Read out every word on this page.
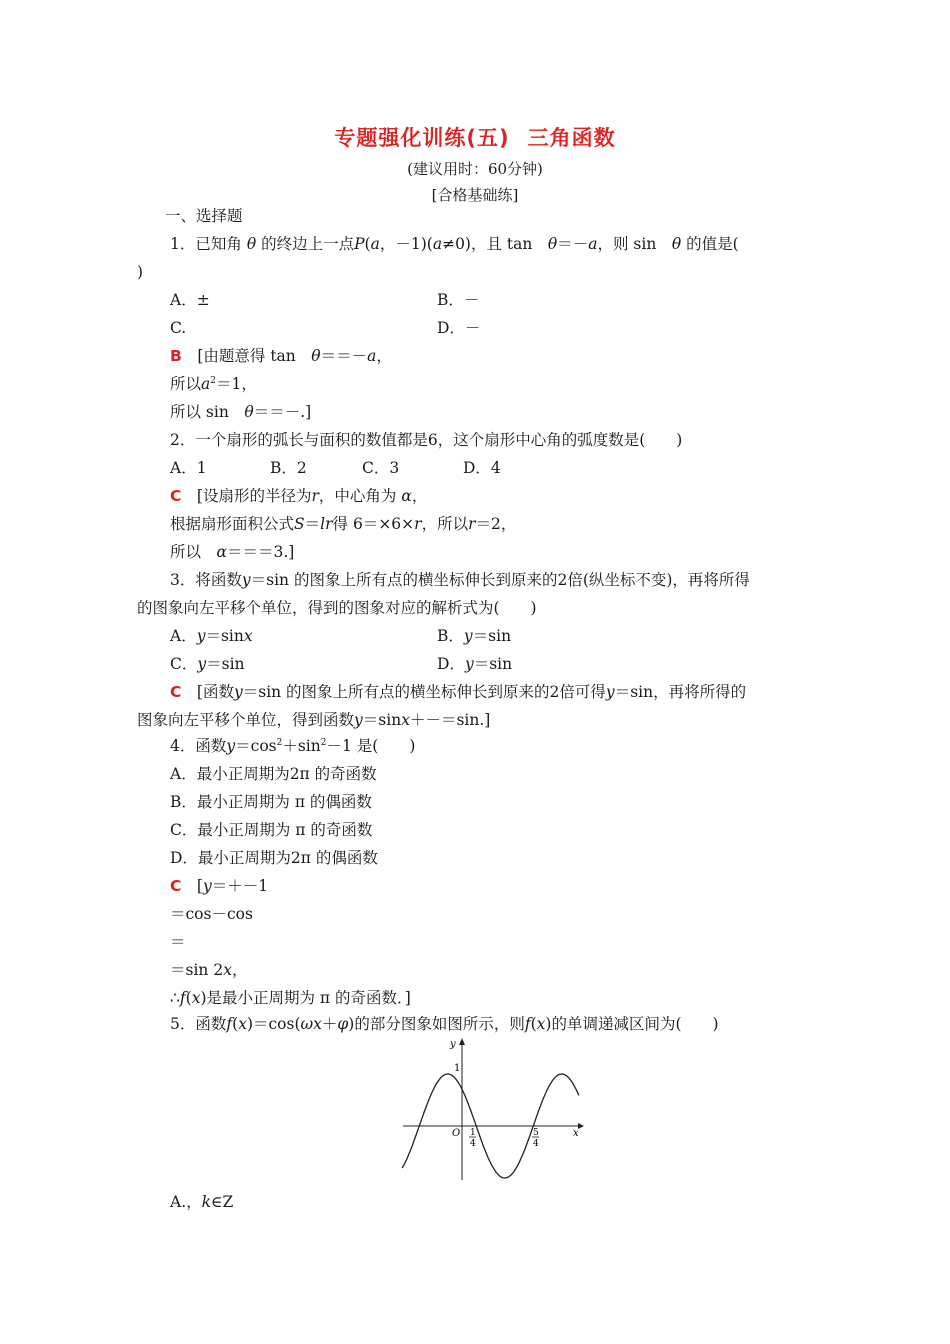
专题强化训练(五) 三角函数
(建议用时：60分钟)
[合格基础练]
一、选择题
1．已知角 θ 的终边上一点P(a，－1)(a≠0)，且 tan　 θ＝－a，则 sin　 θ 的值是(
)
A．±	B．－
C.	D．－
B　 [由题意得 tan　 θ＝＝－a，
所以$a^2=1$，
所以 sin　 θ＝＝－.]
2．一个扇形的弧长与面积的数值都是6，这个扇形中心角的弧度数是(　　)
A．1	B．2	C．3	D．4
C　 [设扇形的半径为r，中心角为 α，
根据扇形面积公式S＝lr得 6＝×6×r，所以r＝2，
所以　 α＝＝＝3.]
3．将函数y＝sin 的图象上所有点的横坐标伸长到原来的2倍(纵坐标不变)，再将所得
的图象向左平移个单位，得到的图象对应的解析式为(　　)
A．y＝sinx	B．y＝sin
C．y＝sin	D．y＝sin
C　 [函数y＝sin 的图象上所有点的横坐标伸长到原来的2倍可得y＝sin，再将所得的
图象向左平移个单位，得到函数y＝sinx＋－＝sin.]
4．函数$y=\cos^2+\sin^2-1$ 是(　　)
A．最小正周期为2π 的奇函数
B．最小正周期为 π 的偶函数
C．最小正周期为 π 的奇函数
D．最小正周期为2π 的偶函数
C　 [y＝＋－1
＝cos－cos
＝
＝sin 2x，
∴f(x)是最小正周期为 π 的奇函数．]
5．函数f(x)＝cos(ωx＋φ)的部分图象如图所示，则f(x)的单调递减区间为(　　)
y
x
O
1
1
4
5
4
A.，k∈Z
